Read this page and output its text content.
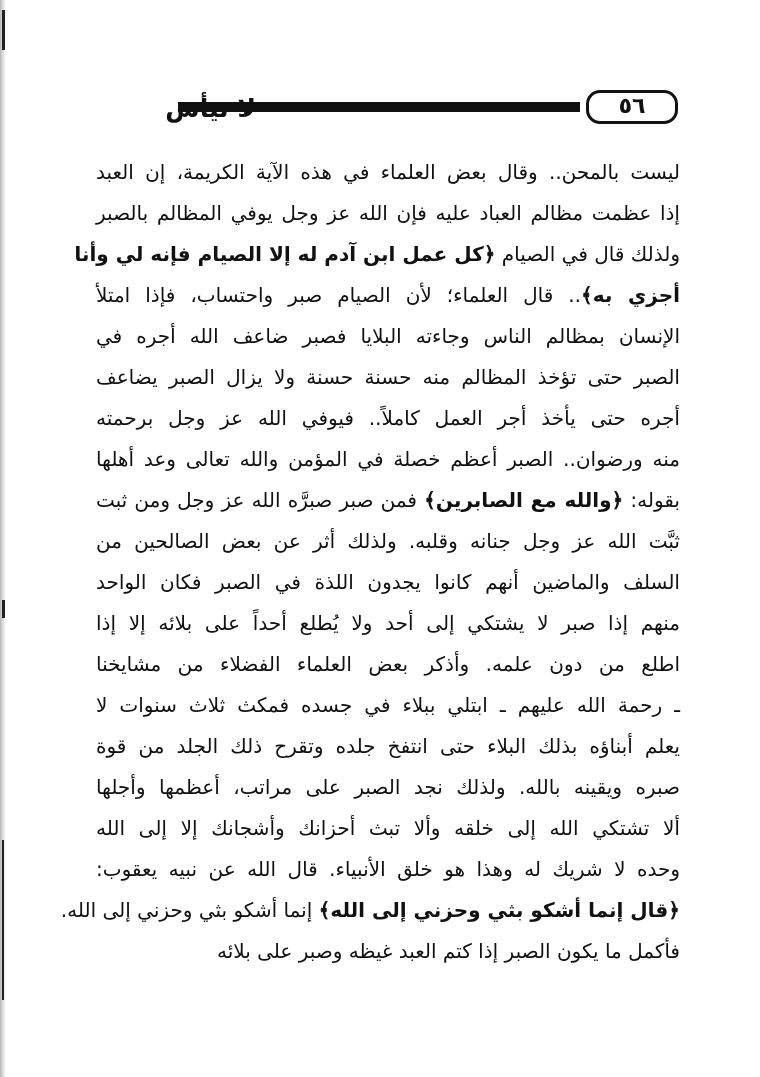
٥٦
لا تيأس
ليست بالمحن.. وقال بعض العلماء في هذه الآية الكريمة، إن العبد
إذا عظمت مظالم العباد عليه فإن الله عز وجل يوفي المظالم بالصبر
ولذلك قال في الصيام ﴿كل عمل ابن آدم له إلا الصيام فإنه لي وأنا
أجزي به﴾.. قال العلماء؛ لأن الصيام صبر واحتساب، فإذا امتلأ
الإنسان بمظالم الناس وجاءته البلايا فصبر ضاعف الله أجره في
الصبر حتى تؤخذ المظالم منه حسنة حسنة ولا يزال الصبر يضاعف
أجره حتى يأخذ أجر العمل كاملاً.. فيوفي الله عز وجل برحمته
منه ورضوان.. الصبر أعظم خصلة في المؤمن والله تعالى وعد أهلها
بقوله: ﴿والله مع الصابرين﴾ فمن صبر صبرَّه الله عز وجل ومن ثبت
ثبَّت الله عز وجل جنانه وقلبه. ولذلك أثر عن بعض الصالحين من
السلف والماضين أنهم كانوا يجدون اللذة في الصبر فكان الواحد
منهم إذا صبر لا يشتكي إلى أحد ولا يُطلع أحداً على بلائه إلا إذا
اطلع من دون علمه. وأذكر بعض العلماء الفضلاء من مشايخنا
ـ رحمة الله عليهم ـ ابتلي ببلاء في جسده فمكث ثلاث سنوات لا
يعلم أبناؤه بذلك البلاء حتى انتفخ جلده وتقرح ذلك الجلد من قوة
صبره ويقينه بالله. ولذلك نجد الصبر على مراتب، أعظمها وأجلها
ألا تشتكي الله إلى خلقه وألا تبث أحزانك وأشجانك إلا إلى الله
وحده لا شريك له وهذا هو خلق الأنبياء. قال الله عن نبيه يعقوب:
﴿قال إنما أشكو بثي وحزني إلى الله﴾ إنما أشكو بثي وحزني إلى الله.
فأكمل ما يكون الصبر إذا كتم العبد غيظه وصبر على بلائه
